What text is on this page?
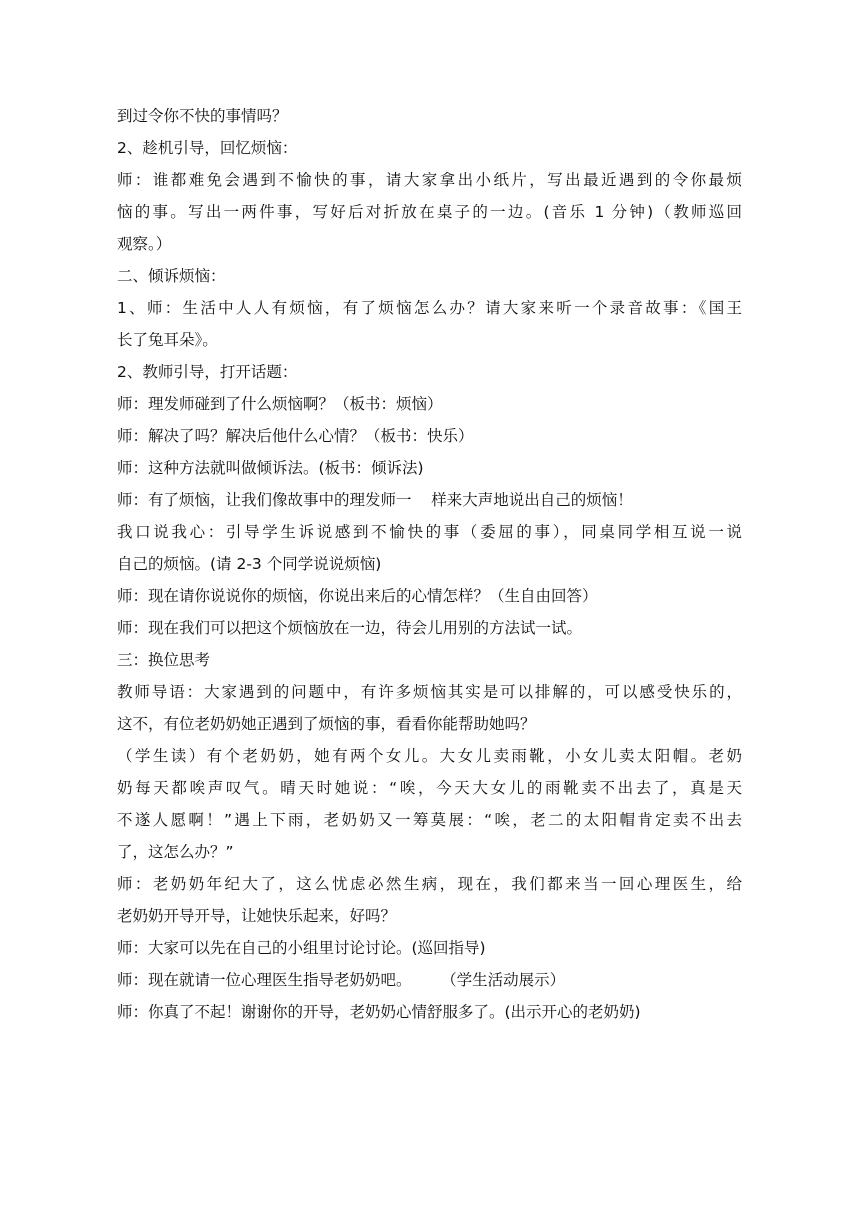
到过令你不快的事情吗？
2、趁机引导，回忆烦恼：
师：谁都难免会遇到不愉快的事，请大家拿出小纸片，写出最近遇到的令你最烦
恼的事。写出一两件事，写好后对折放在桌子的一边。(音乐 1 分钟)（教师巡回
观察。）
二、倾诉烦恼：
1、师：生活中人人有烦恼，有了烦恼怎么办？请大家来听一个录音故事：《国王
长了兔耳朵》。
2、教师引导，打开话题：
师：理发师碰到了什么烦恼啊？（板书：烦恼）
师：解决了吗？解决后他什么心情？（板书：快乐）
师：这种方法就叫做倾诉法。(板书：倾诉法)
师：有了烦恼，让我们像故事中的理发师一    样来大声地说出自己的烦恼！
我口说我心：引导学生诉说感到不愉快的事（委屈的事），同桌同学相互说一说
自己的烦恼。(请 2-3 个同学说说烦恼)
师：现在请你说说你的烦恼，你说出来后的心情怎样？（生自由回答）
师：现在我们可以把这个烦恼放在一边，待会儿用别的方法试一试。
三：换位思考
教师导语：大家遇到的问题中，有许多烦恼其实是可以排解的，可以感受快乐的，
这不，有位老奶奶她正遇到了烦恼的事，看看你能帮助她吗？
（学生读）有个老奶奶，她有两个女儿。大女儿卖雨靴，小女儿卖太阳帽。老奶
奶每天都唉声叹气。晴天时她说：“唉，今天大女儿的雨靴卖不出去了，真是天
不遂人愿啊！”遇上下雨，老奶奶又一筹莫展：“唉，老二的太阳帽肯定卖不出去
了，这怎么办？”
师：老奶奶年纪大了，这么忧虑必然生病，现在，我们都来当一回心理医生，给
老奶奶开导开导，让她快乐起来，好吗？
师：大家可以先在自己的小组里讨论讨论。(巡回指导)
师：现在就请一位心理医生指导老奶奶吧。      （学生活动展示）
师：你真了不起！谢谢你的开导，老奶奶心情舒服多了。(出示开心的老奶奶)
